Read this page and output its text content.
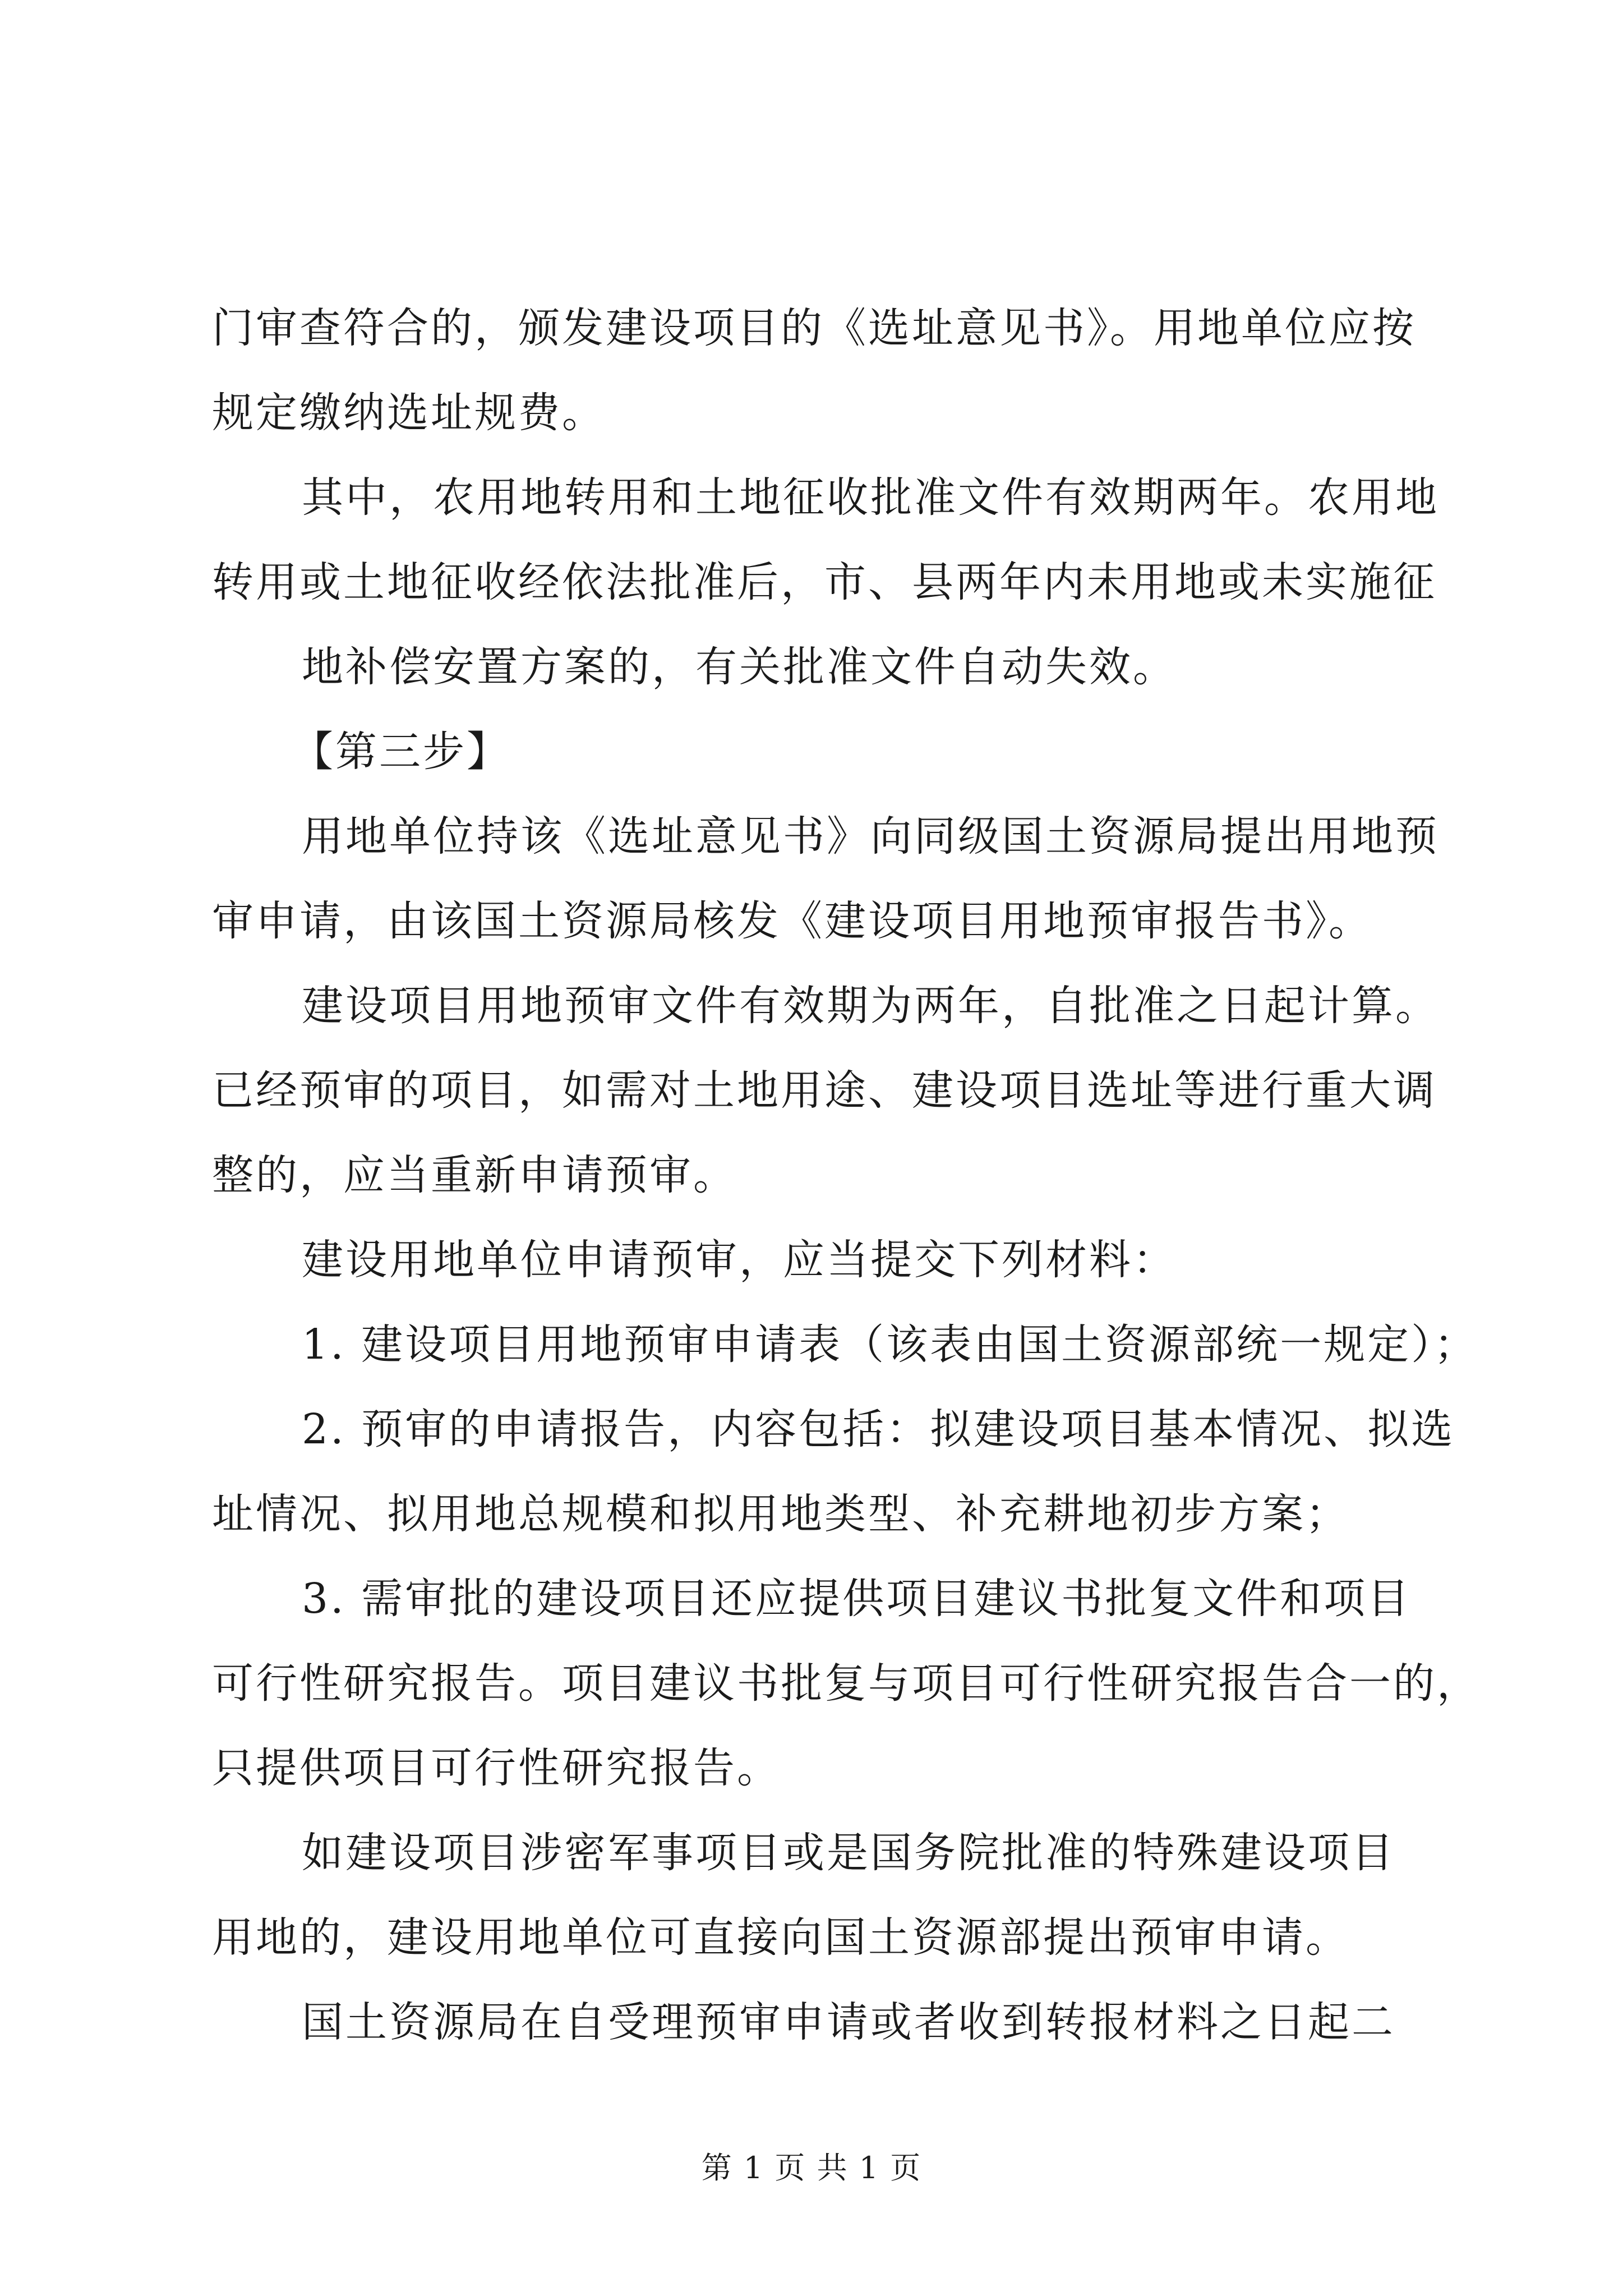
门审查符合的，颁发建设项目的《选址意见书》。用地单位应按
规定缴纳选址规费。
其中，农用地转用和土地征收批准文件有效期两年。农用地
转用或土地征收经依法批准后，市、县两年内未用地或未实施征
地补偿安置方案的，有关批准文件自动失效。
【第三步】
用地单位持该《选址意见书》向同级国土资源局提出用地预
审申请，由该国土资源局核发《建设项目用地预审报告书》。
建设项目用地预审文件有效期为两年，自批准之日起计算。
已经预审的项目，如需对土地用途、建设项目选址等进行重大调
整的，应当重新申请预审。
建设用地单位申请预审，应当提交下列材料：
1. 建设项目用地预审申请表（该表由国土资源部统一规定）；
2. 预审的申请报告，内容包括：拟建设项目基本情况、拟选
址情况、拟用地总规模和拟用地类型、补充耕地初步方案；
3. 需审批的建设项目还应提供项目建议书批复文件和项目
可行性研究报告。项目建议书批复与项目可行性研究报告合一的，
只提供项目可行性研究报告。
如建设项目涉密军事项目或是国务院批准的特殊建设项目
用地的，建设用地单位可直接向国土资源部提出预审申请。
国土资源局在自受理预审申请或者收到转报材料之日起二
第 1 页 共 1 页
